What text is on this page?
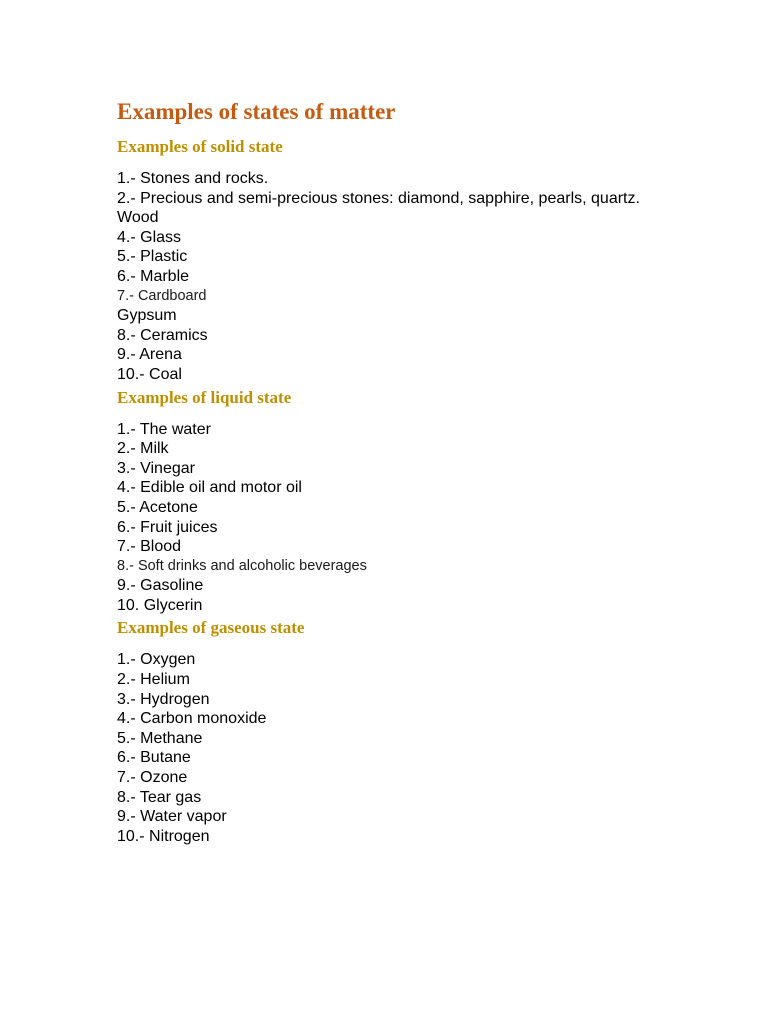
Examples of states of matter
Examples of solid state
1.- Stones and rocks.
2.- Precious and semi-precious stones: diamond, sapphire, pearls, quartz.
Wood
4.- Glass
5.- Plastic
6.- Marble
7.- Cardboard
Gypsum
8.- Ceramics
9.- Arena
10.- Coal
Examples of liquid state
1.- The water
2.- Milk
3.- Vinegar
4.- Edible oil and motor oil
5.- Acetone
6.- Fruit juices
7.- Blood
8.- Soft drinks and alcoholic beverages
9.- Gasoline
10. Glycerin
Examples of gaseous state
1.- Oxygen
2.- Helium
3.- Hydrogen
4.- Carbon monoxide
5.- Methane
6.- Butane
7.- Ozone
8.- Tear gas
9.- Water vapor
10.- Nitrogen
